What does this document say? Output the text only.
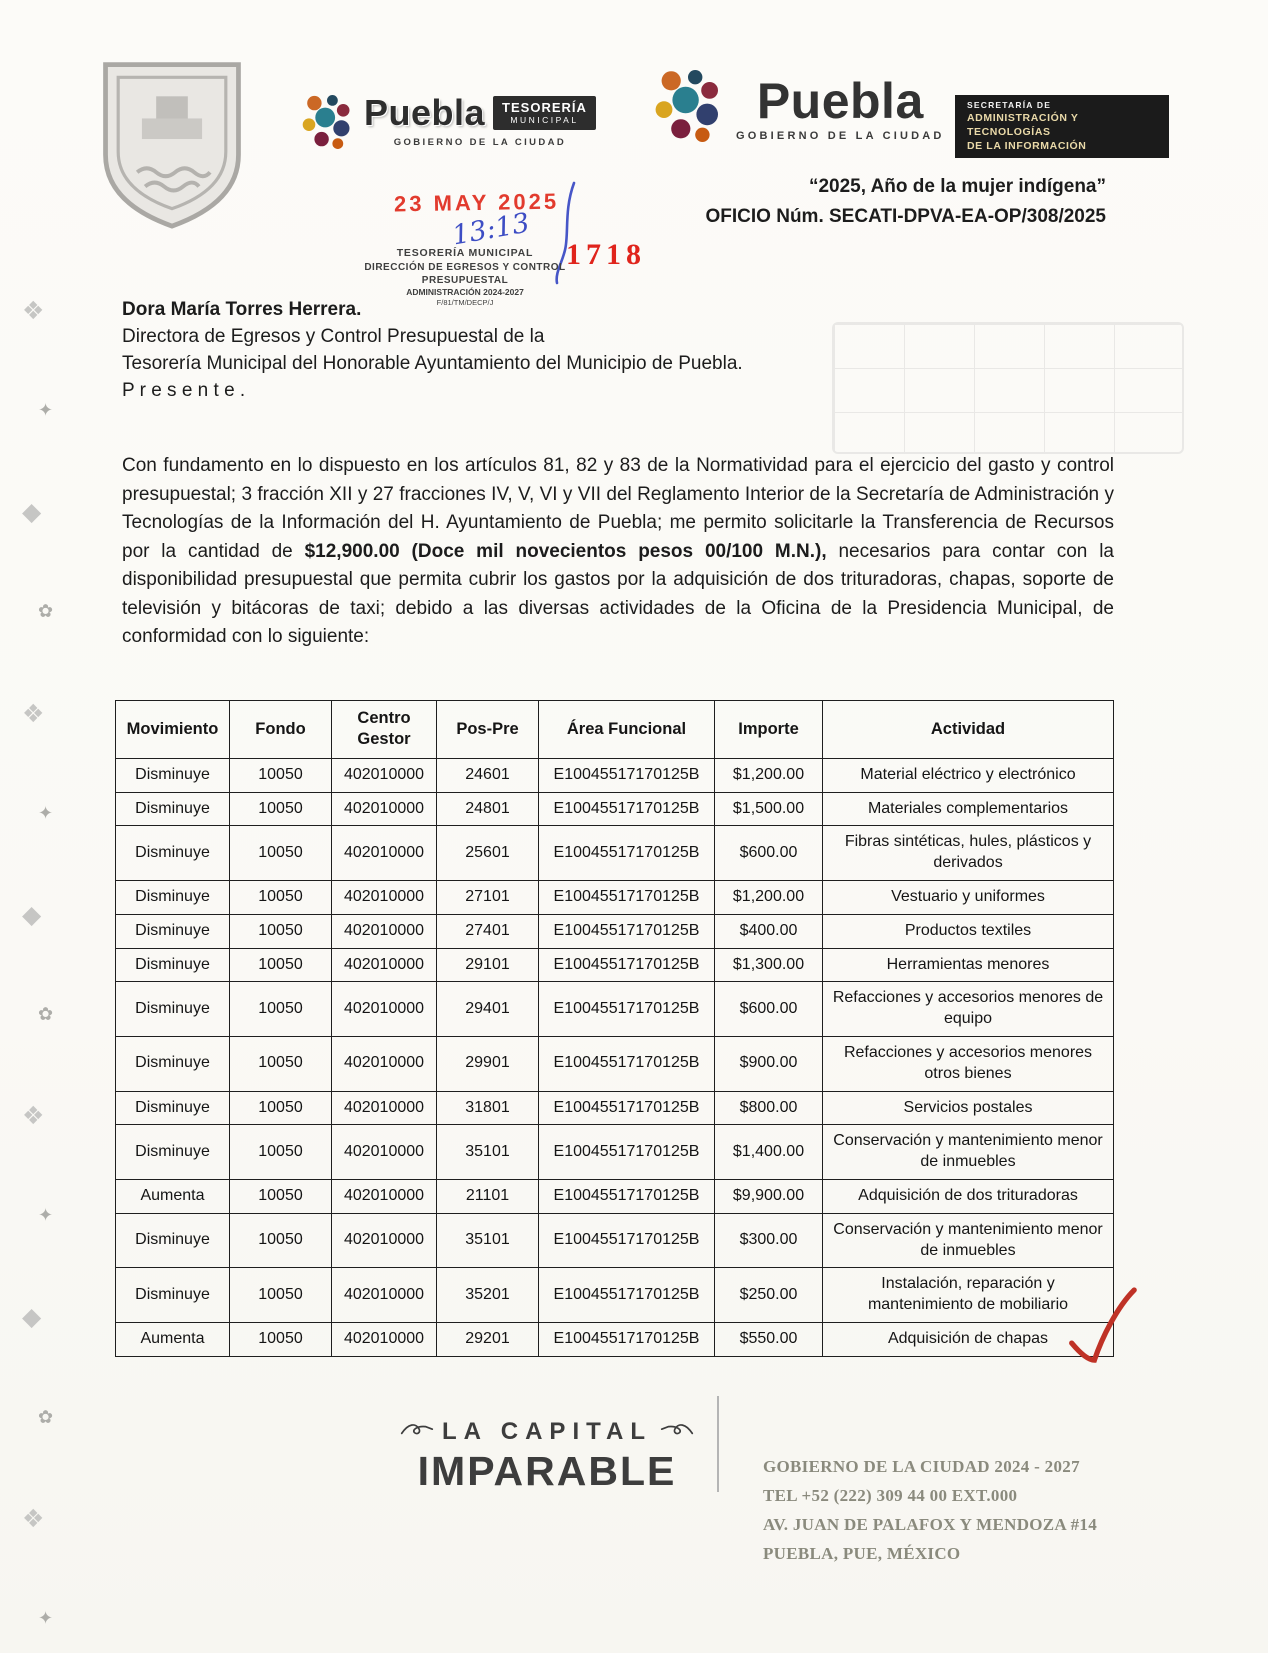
❖
✦
◆
✿
❖
✦
◆
✿
❖
✦
◆
✿
❖
✦
Puebla TESORERÍA
MUNICIPAL
GOBIERNO DE LA CIUDAD
Puebla
GOBIERNO DE LA CIUDAD
SECRETARÍA DE
ADMINISTRACIÓN Y TECNOLOGÍAS
DE LA INFORMACIÓN
“2025, Año de la mujer indígena”
OFICIO Núm. SECATI-DPVA-EA-OP/308/2025
23 MAY 2025
13:13
1718
TESORERÍA MUNICIPAL
DIRECCIÓN DE EGRESOS Y CONTROL
PRESUPUESTAL
ADMINISTRACIÓN 2024-2027
F/81/TM/DECP/J
Dora María Torres Herrera.
Directora de Egresos y Control Presupuestal de la
Tesorería Municipal del Honorable Ayuntamiento del Municipio de Puebla.
P r e s e n t e .

Con fundamento en lo dispuesto en los artículos 81, 82 y 83 de la Normatividad para el ejercicio del gasto y control presupuestal; 3 fracción XII y 27 fracciones IV, V, VI y VII del Reglamento Interior de la Secretaría de Administración y Tecnologías de la Información del H. Ayuntamiento de Puebla; me permito solicitarle la Transferencia de Recursos por la cantidad de $12,900.00 (Doce mil novecientos pesos 00/100 M.N.), necesarios para contar con la disponibilidad presupuestal que permita cubrir los gastos por la adquisición de dos trituradoras, chapas, soporte de televisión y bitácoras de taxi; debido a las diversas actividades de la Oficina de la Presidencia Municipal, de conformidad con lo siguiente:

Movimiento	Fondo	Centro Gestor	Pos-Pre	Área Funcional	Importe	Actividad
Disminuye	10050	402010000	24601	E10045517170125B	$1,200.00	Material eléctrico y electrónico
Disminuye	10050	402010000	24801	E10045517170125B	$1,500.00	Materiales complementarios
Disminuye	10050	402010000	25601	E10045517170125B	$600.00	Fibras sintéticas, hules, plásticos y derivados
Disminuye	10050	402010000	27101	E10045517170125B	$1,200.00	Vestuario y uniformes
Disminuye	10050	402010000	27401	E10045517170125B	$400.00	Productos textiles
Disminuye	10050	402010000	29101	E10045517170125B	$1,300.00	Herramientas menores
Disminuye	10050	402010000	29401	E10045517170125B	$600.00	Refacciones y accesorios menores de equipo
Disminuye	10050	402010000	29901	E10045517170125B	$900.00	Refacciones y accesorios menores otros bienes
Disminuye	10050	402010000	31801	E10045517170125B	$800.00	Servicios postales
Disminuye	10050	402010000	35101	E10045517170125B	$1,400.00	Conservación y mantenimiento menor de inmuebles
Aumenta	10050	402010000	21101	E10045517170125B	$9,900.00	Adquisición de dos trituradoras
Disminuye	10050	402010000	35101	E10045517170125B	$300.00	Conservación y mantenimiento menor de inmuebles
Disminuye	10050	402010000	35201	E10045517170125B	$250.00	Instalación, reparación y mantenimiento de mobiliario
Aumenta	10050	402010000	29201	E10045517170125B	$550.00	Adquisición de chapas
LA CAPITAL
IMPARABLE	GOBIERNO DE LA CIUDAD 2024 - 2027
TEL +52 (222) 309 44 00 EXT.000
AV. JUAN DE PALAFOX Y MENDOZA #14
PUEBLA, PUE, MÉXICO
